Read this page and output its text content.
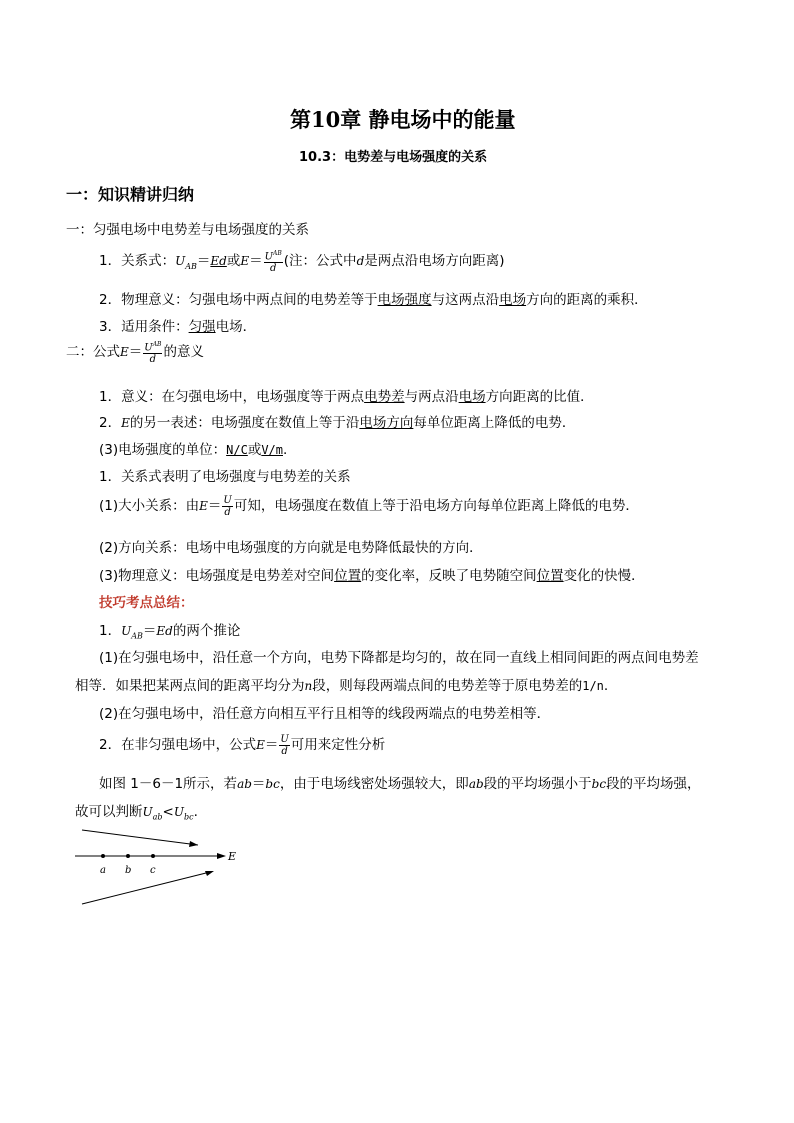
第10章 静电场中的能量
10.3：电势差与电场强度的关系
一：知识精讲归纳
一：匀强电场中电势差与电场强度的关系
1．关系式：$U_{AB}=Ed$或$E= \frac{U^{AB}}{d}$ (注：公式中d是两点沿电场方向距离)
2．物理意义：匀强电场中两点间的电势差等于电场强度与这两点沿电场方向的距离的乘积．
3．适用条件：匀强电场．
二：公式$E= \frac{U^{AB}}{d}$ 的意义
1．意义：在匀强电场中，电场强度等于两点电势差与两点沿电场方向距离的比值．
2．E的另一表述：电场强度在数值上等于沿电场方向每单位距离上降低的电势．
(3)电场强度的单位：N/C或V/m.
1．关系式表明了电场强度与电势差的关系
(1)大小关系：由$E= \frac{U}{d}$ 可知，电场强度在数值上等于沿电场方向每单位距离上降低的电势．
(2)方向关系：电场中电场强度的方向就是电势降低最快的方向．
(3)物理意义：电场强度是电势差对空间位置的变化率，反映了电势随空间位置变化的快慢．
技巧考点总结：
1．$U_{AB}=Ed$的两个推论
(1)在匀强电场中，沿任意一个方向，电势下降都是均匀的，故在同一直线上相同间距的两点间电势差
相等．如果把某两点间的距离平均分为n段，则每段两端点间的电势差等于原电势差的1/n.
(2)在匀强电场中，沿任意方向相互平行且相等的线段两端点的电势差相等．
2．在非匀强电场中，公式$E= \frac{U}{d}$ 可用来定性分析
如图 1－6－1所示，若ab＝bc，由于电场线密处场强较大，即ab段的平均场强小于bc段的平均场强，
故可以判断$U_{ab}<U_{bc}$.
a b c
E
